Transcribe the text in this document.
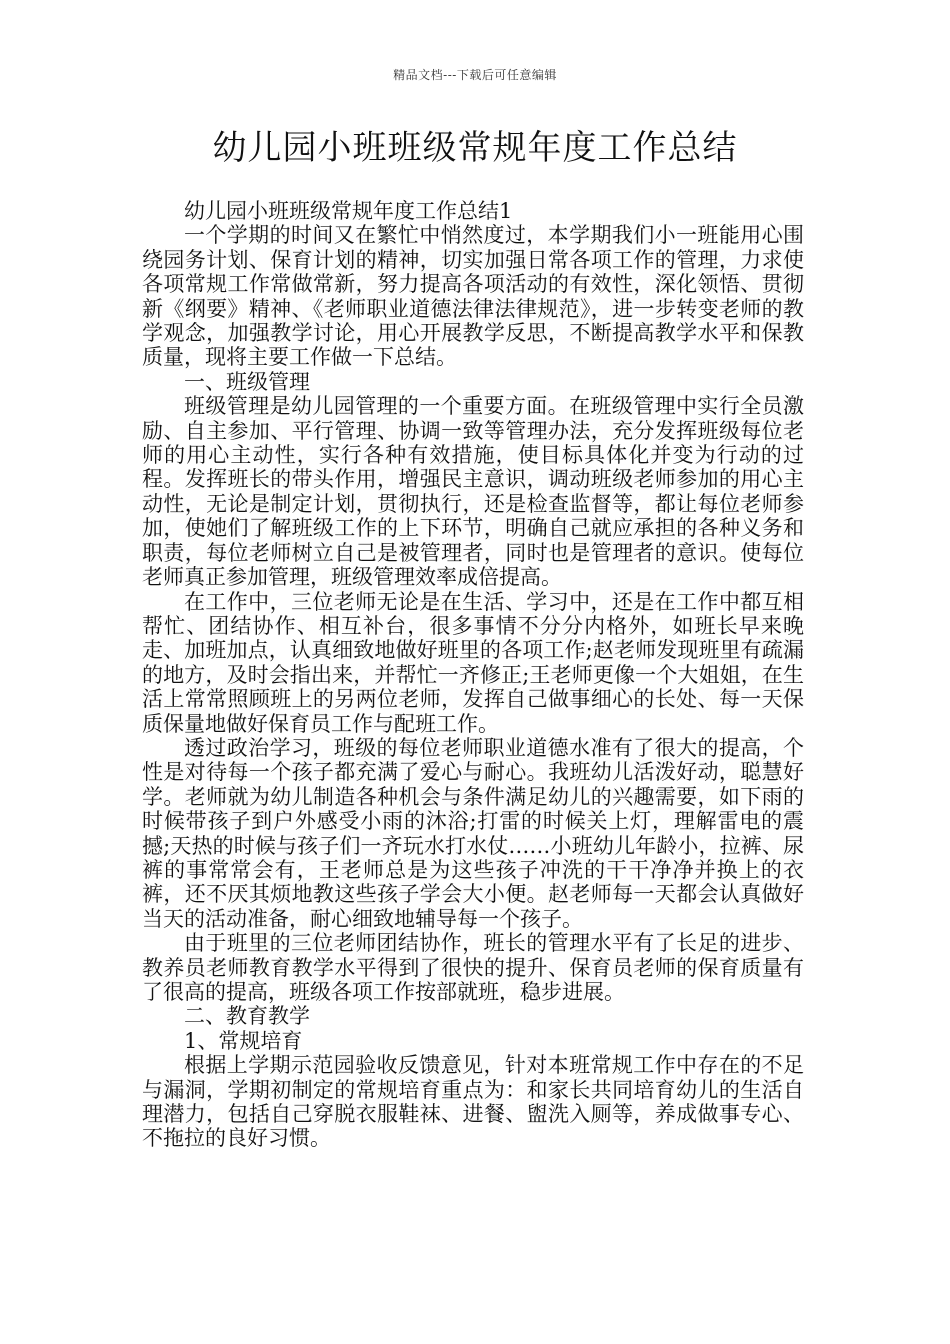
精品文档---下载后可任意编辑
幼儿园小班班级常规年度工作总结

幼儿园小班班级常规年度工作总结1

一个学期的时间又在繁忙中悄然度过，本学期我们小一班能用心围绕园务计划、保育计划的精神，切实加强日常各项工作的管理，力求使各项常规工作常做常新，努力提高各项活动的有效性，深化领悟、贯彻新《纲要》精神、《老师职业道德法律法律规范》，进一步转变老师的教学观念，加强教学讨论，用心开展教学反思，不断提高教学水平和保教质量，现将主要工作做一下总结。

一、班级管理

班级管理是幼儿园管理的一个重要方面。在班级管理中实行全员激励、自主参加、平行管理、协调一致等管理办法，充分发挥班级每位老师的用心主动性，实行各种有效措施，使目标具体化并变为行动的过程。发挥班长的带头作用，增强民主意识，调动班级老师参加的用心主动性，无论是制定计划，贯彻执行，还是检查监督等，都让每位老师参加，使她们了解班级工作的上下环节，明确自己就应承担的各种义务和职责，每位老师树立自己是被管理者，同时也是管理者的意识。使每位老师真正参加管理，班级管理效率成倍提高。

在工作中，三位老师无论是在生活、学习中，还是在工作中都互相帮忙、团结协作、相互补台，很多事情不分分内格外，如班长早来晚走、加班加点，认真细致地做好班里的各项工作;赵老师发现班里有疏漏的地方，及时会指出来，并帮忙一齐修正;王老师更像一个大姐姐，在生活上常常照顾班上的另两位老师，发挥自己做事细心的长处、每一天保质保量地做好保育员工作与配班工作。

透过政治学习，班级的每位老师职业道德水准有了很大的提高，个性是对待每一个孩子都充满了爱心与耐心。我班幼儿活泼好动，聪慧好学。老师就为幼儿制造各种机会与条件满足幼儿的兴趣需要，如下雨的时候带孩子到户外感受小雨的沐浴;打雷的时候关上灯，理解雷电的震撼;天热的时候与孩子们一齐玩水打水仗……小班幼儿年龄小，拉裤、尿裤的事常常会有，王老师总是为这些孩子冲洗的干干净净并换上的衣裤，还不厌其烦地教这些孩子学会大小便。赵老师每一天都会认真做好当天的活动准备，耐心细致地辅导每一个孩子。

由于班里的三位老师团结协作，班长的管理水平有了长足的进步、教养员老师教育教学水平得到了很快的提升、保育员老师的保育质量有了很高的提高，班级各项工作按部就班，稳步进展。

二、教育教学

1、常规培育

根据上学期示范园验收反馈意见，针对本班常规工作中存在的不足与漏洞，学期初制定的常规培育重点为：和家长共同培育幼儿的生活自理潜力，包括自己穿脱衣服鞋袜、进餐、盥洗入厕等，养成做事专心、不拖拉的良好习惯。
